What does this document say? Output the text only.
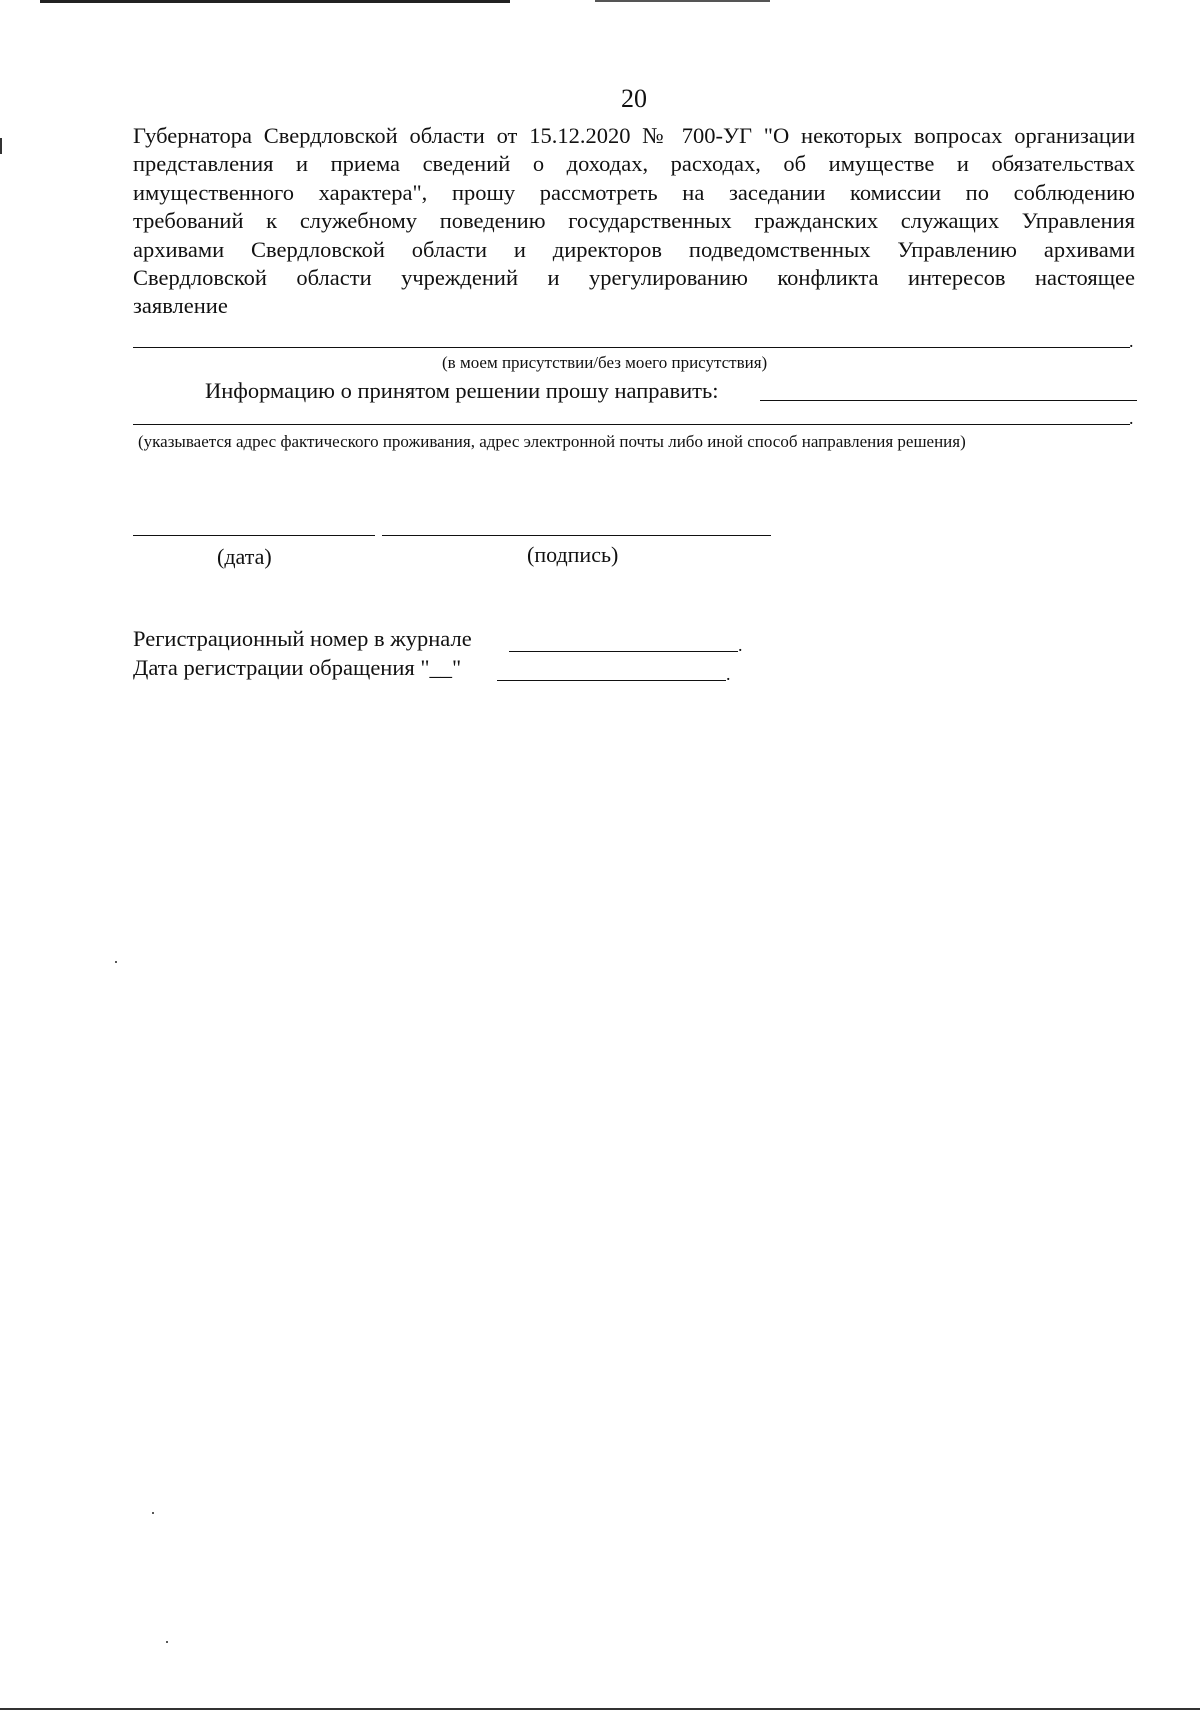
20
Губернатора Свердловской области от 15.12.2020 № 700-УГ "О некоторых вопросах организации
представления и приема сведений о доходах, расходах, об имуществе и обязательствах
имущественного характера", прошу рассмотреть на заседании комиссии по соблюдению
требований к служебному поведению государственных гражданских служащих Управления
архивами Свердловской области и директоров подведомственных Управлению архивами
Свердловской области учреждений и урегулированию конфликта интересов настоящее
заявление
.
(в моем присутствии/без моего присутствия)
Информацию о принятом решении прошу направить:
.
(указывается адрес фактического проживания, адрес электронной почты либо иной способ направления решения)
(дата)	(подпись)
Регистрационный номер в журнале	.
Дата регистрации обращения "__"	.
